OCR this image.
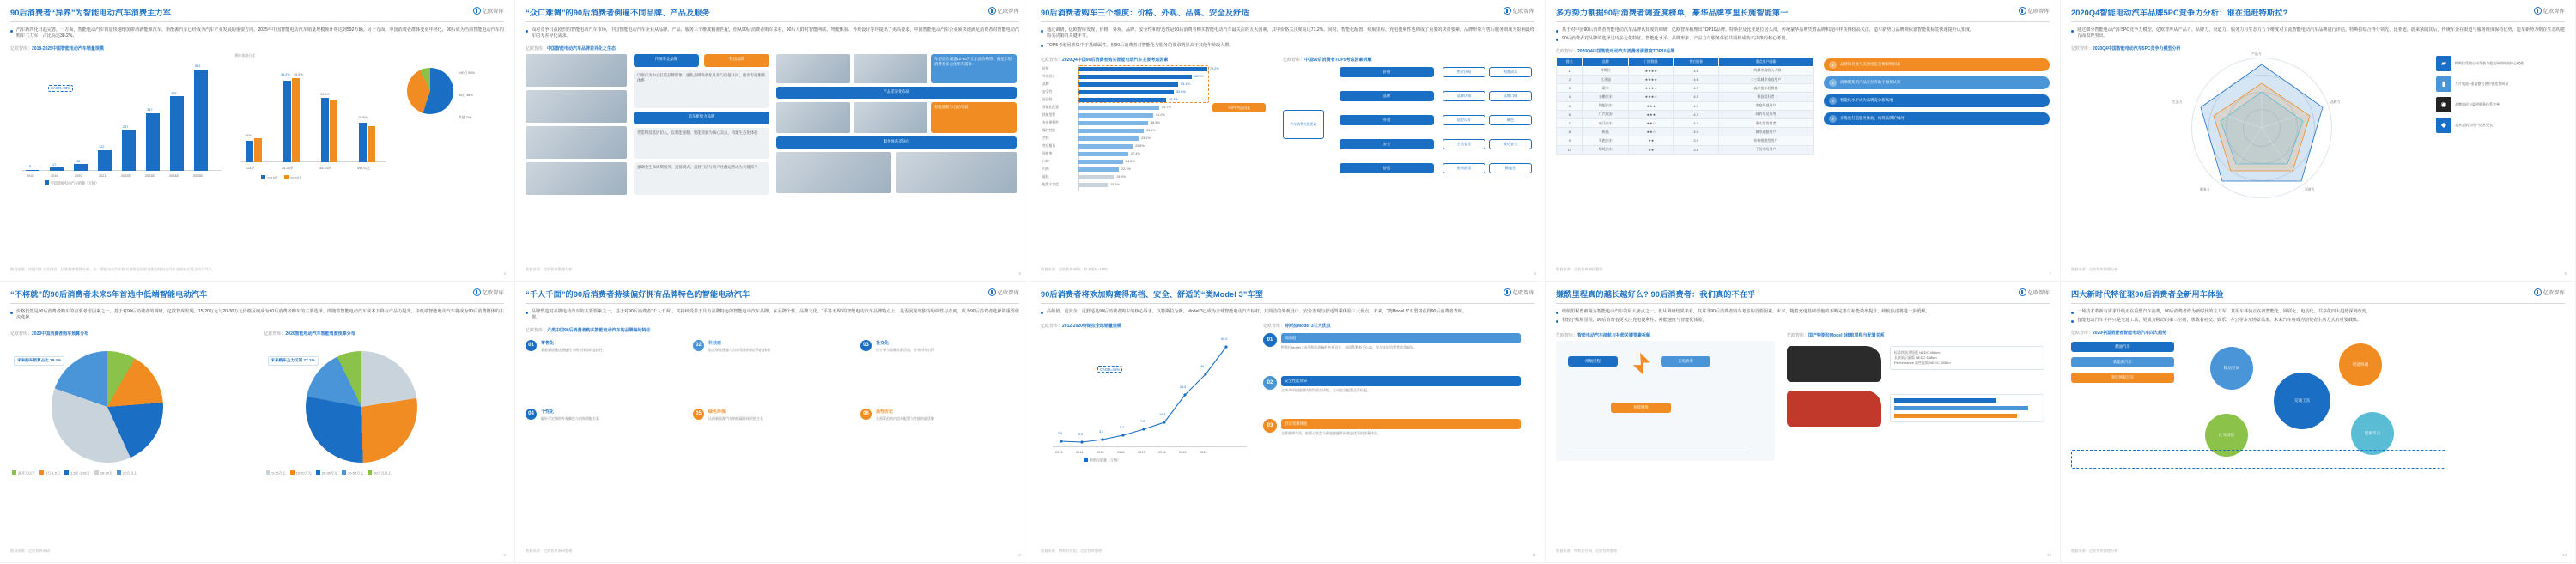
90后消费者“异养”为智能电动汽车消费主力军	亿欧智库
汽车新四化日趋完善，一方面，智能电动汽车销量快速增加带动新能源汽车、新能源汽车已经成为汽车产业发展的重要方向。2025年中国智能电动汽车销量规模预计将达到592万辆。另一方面，中国消费者群体变更年轻化，90后成为当前智能电动汽车的购车主力军，占比高达38.2%。
亿欧智库：2018-2025中国智能电动汽车销量规模
CAGR=98%
5	17
38
122
237
337
435
592
2018	2019	2020	2021	2022E	2023E	2024E	2025E
中国智能电动汽车销量（万辆）
购车年龄占比
10%
38.2% 39.5%
30.1%
18.5%
<24岁	25-34岁	35-44岁	45岁以上
2019计	2020计
<90后 55%
90后 38%
其他 7%
数据来源：中国汽车工业协会、亿欧智库整理分析；注：智能电动汽车指具备智能网联功能的纯电动汽车及插电式混合动力汽车。
4
“众口难调”的90后消费者倒逼不同品牌、产品及服务	亿欧智库
面对竞争日益剧烈的智能电动汽车市场，中国智能电动汽车企业从品牌、产品、服务三个维度精准匹配，但从90后消费者购车来看，90后人群对智能网联、驾驶体验、外观设计等均提出了更高要求，中国智能电动汽车企业须快速满足消费者对智能电动汽车的无差异化需求。
亿欧智库：中国智能电动汽车品牌差异化之生态
传统车企品牌	科技品牌
以用户为中心打造品牌形象，强化品牌高端化认知与价值认同，推出专属服务体系
造车新势力品牌
凭借科技基因切入，以智能座舱、智能驾驶为核心卖点，构建生态化体验
强调全生命周期服务，直销模式、直营门店与用户社群运营成为关键抓手
车型定位覆盖10-30万元主流价格带，满足年轻消费者多元化用车需求
产品差异化布局
智能座舱与自动驾驶
服务体系差异化
数据来源：亿欧智库整理分析
5
90后消费者购车三个维度：价格、外观、品牌、安全及舒适	亿欧智库
通过调研，亿欧智库发现，价格、外观、品牌、安全性和舒适性是90后消费者购买智能电动汽车最关注的五大因素，其中价格关注度高达71.2%。同时，智能化配置、续航里程、充电便利性也构成了重要的决策要素，品牌形象与售后服务则成为影响最终购买决策的关键环节。
TOP5考虑因素集中于基础属性，但90后消费者对智能化与服务的要求明显高于其他年龄段人群。
亿欧智库：2020Q4中国90后消费者购买智能电动汽车主要考虑因素
价格	71.2%
外观设计	62.5%
品牌	55.1%
安全性	52.6%
舒适性	48.3%
智能化配置	44.7%
续航里程	41.2%
充电便利性	38.5%
操控性能	35.9%
空间	33.1%
售后服务	29.8%
保值率	27.4%
口碑	24.6%
内饰	22.3%
能耗	19.5%
配置丰富度	16.2%
TOP5考虑因素
亿欧智库：中国90后消费者TOP5考虑因素拆解
汽车消费关键要素
价格
品牌
外观
安全
舒适
售价区间	购置成本
品牌认知	品牌口碑
造型设计	颜色
主动安全	被动安全
座椅舒适	静谧性
数据来源：亿欧智库调研，样本量N=1500
6
多方势力割据90后消费者调查度榜单，豪华品牌亨里长施智能第一	亿欧智库
基于对中国90后消费者智能电动汽车品牌认知度的调研，亿欧智库梳理出TOP10品牌。特斯拉及比亚迪位居头部，传统豪华品牌凭借品牌积淀同样获得较高关注，造车新势力品牌则依靠智能化标签快速提升认知度。
90后消费者对品牌的选择呈现多元化特征，智能化水平、品牌形象、产品力与服务体验共同构成购买决策的核心考量。
亿欧智库：2020Q4中国智能电动汽车消费者满意度TOP10品牌
排名	品牌	门店数量	售后服务	重点用户画像
1	特斯拉	★★★★	4.8	一线城市高收入人群
2	比亚迪	★★★★	4.6	二三线城市家庭用户
3	蔚来	★★★☆	4.7	高净值年轻群体
4	小鹏汽车	★★★☆	4.5	科技爱好者
5	理想汽车	★★★	4.5	家庭奶爸用户
6	广汽埃安	★★★	4.3	网约车及家用
7	威马汽车	★★☆	4.1	务实型消费者
8	极狐	★★☆	4.0	城市通勤用户
9	零跑汽车	★★	3.9	价格敏感型用户
10	哪吒汽车	★★	3.8	下沉市场用户
1	品牌知名度与美誉度是首要影响因素
2	清晰聚焦的产品定位有助于强化认知
3	智能化水平成为品牌竞争新高地
4	多维度打造服务体验，构筑品牌护城河
数据来源：亿欧智库调研整理
7
2020Q4智能电动汽车品牌5PC竞争力分析：谁在追赶特斯拉?	亿欧智库
通过细分智能电动汽车5PC竞争力模型，亿欧智库从产品力、品牌力、渠道力、服务力与生态力五个维度对主流智能电动汽车品牌进行评估。特斯拉综合得分领先，比亚迪、蔚来紧随其后，传统车企在渠道与服务维度保持优势，造车新势力则在生态构建方面表现突出。
亿欧智库：2020Q4中国智能电动汽车5PC竞争力模型分析
产品力
品牌力
渠道力
服务力
生态力
▰	特斯拉凭借自动驾驶与超充网络构筑核心壁垒
▮	刀片电池+垂直整合供应链优势明显
◉	品牌溢价与渠道服务体系完善
◆	直营直销与用户运营见长
数据来源：亿欧智库整理分析
8
“不将就”的90后消费者未来5年首选中低端智能电动汽车	亿欧智库
价格仍然是90后消费者购车的首要考虑因素之一，基于对90后消费者的调研，亿欧智库发现，15-20万元与20-30万元价格区间成为90后消费者购车的主要选择。伴随着智能电动汽车成本下降与产品力提升，中低端智能电动汽车将成为90后消费群体的主流选择。
亿欧智库：2020中国消费者购车预算分布
未来购车预算占比 19.4%
高月元以下	1万-1.5万	1.5万-1.92万	10-20万	20万以上
亿欧智库：2020智能电动汽车智能驾驶预算分布
未来购车主力区间 27.1%
5-15万元	15-20万元	20-30万元	30-50万元	50万元以上
数据来源：亿欧智库调研
9
“千人千面”的90后消费者持续偏好拥有品牌特色的智能电动汽车	亿欧智库
品牌塑造对品牌电动汽车的主要要素之一，基于对90后消费者“千人千面”，其持续受益于具有品牌特色的智能电动汽车品牌，在品牌个性、品牌文化、“平等无界”的智能电动汽车品牌特点上，是否展现出独特的调性与态度，成为90后消费者选择的重要依据。
亿欧智库：六类中国90后消费者购买智能电动汽车的品牌偏好特征
01	零售化
看重渠道触达便捷性与购买体验的直接性
02	科技感
追求智能座舱与自动驾驶的前沿科技体验
03	社交化
乐于参与品牌社群活动，分享用车心得
04	个性化
偏好可定制的外观颜色与内饰搭配方案
05	绿色环保
认同新能源汽车的低碳环保价值主张
06	高性价比
在预算范围内追求配置与性能的最优解
数据来源：亿欧智库调研整理
10
90后消费者将欢加购赛得高档、安全、舒适的“类Model 3”车型	亿欧智库
高颜值、更安全、更舒适是90后消费者购车的核心诉求。以特斯拉为例，Model 3已成为全球智能电动汽车标杆，其简洁的外观设计、安全表现与舒适驾乘体验三大优点。未来，“类Model 3”车型将获得90后消费者青睐。
亿欧智库：2012-2020特斯拉全球销量规模
2.5	2.2
3.2
5.1
7.6
10.3
24.5
36.7
50.0
CAGR=45%
2013	2014	2015	2016	2017	2018	2019	2020
特斯拉销量（万辆）
亿欧智库：特斯拉Model 3三大优点
01	高颜值
特斯拉Model 3采用简洁流畅的外观设计，风阻系数低至0.23，符合年轻消费者审美偏好。
02	安全性能优异
全球多项碰撞测试获得最高评级，主动安全配置全系标配。
03	舒适驾乘体验
全景玻璃车顶、低重心底盘与静谧座舱共同营造优异的驾乘体验。
数据来源：特斯拉财报、亿欧智库整理
11
嫌酰里程真的越长越好么? 90后消费者：我们真的不在乎	亿欧智库
续航里程曾被视为智能电动汽车的最大痛点之一，但从调研结果来看，其并非90后消费者购车考虑的首要因素。未来，随着充电基础设施的不断完善与补能效率提升，续航焦虑将进一步缓解。
相较于续航里程，90后消费者更关注充电便利性、补能速度与智能化体验。
亿欧智库：智能电动汽车续航与补能关键要素拆解
续航里程	充电效率
补能网络
亿欧智库：国产特斯拉Model 3续航里程与配置关系
标准续航升级版 NEDC 468km
长续航后驱版 NEDC 668km
Performance 高性能版 NEDC 605km
数据来源：特斯拉官网、亿欧智库整理
12
四大新时代特征驱90后消费者全新用车体验	亿欧智库
一场技术革新与需求升级正在重塑汽车消费，90后消费者作为新时代的主力军，其用车体验正在被智能化、网联化、电动化、共享化四大趋势深刻改变。
智能电动汽车不再只是交通工具，更成为移动的第三空间，承载着社交、娱乐、办公等多元场景需求。未来汽车将成为消费者生活方式的重要载体。
亿欧智库：2020中国消费者智能电动汽车四大趋势
燃油汽车
新能源汽车
智能网联汽车
交通工具
移动空间
智能终端
能源节点
社交场景
数据来源：亿欧智库整理分析
13
